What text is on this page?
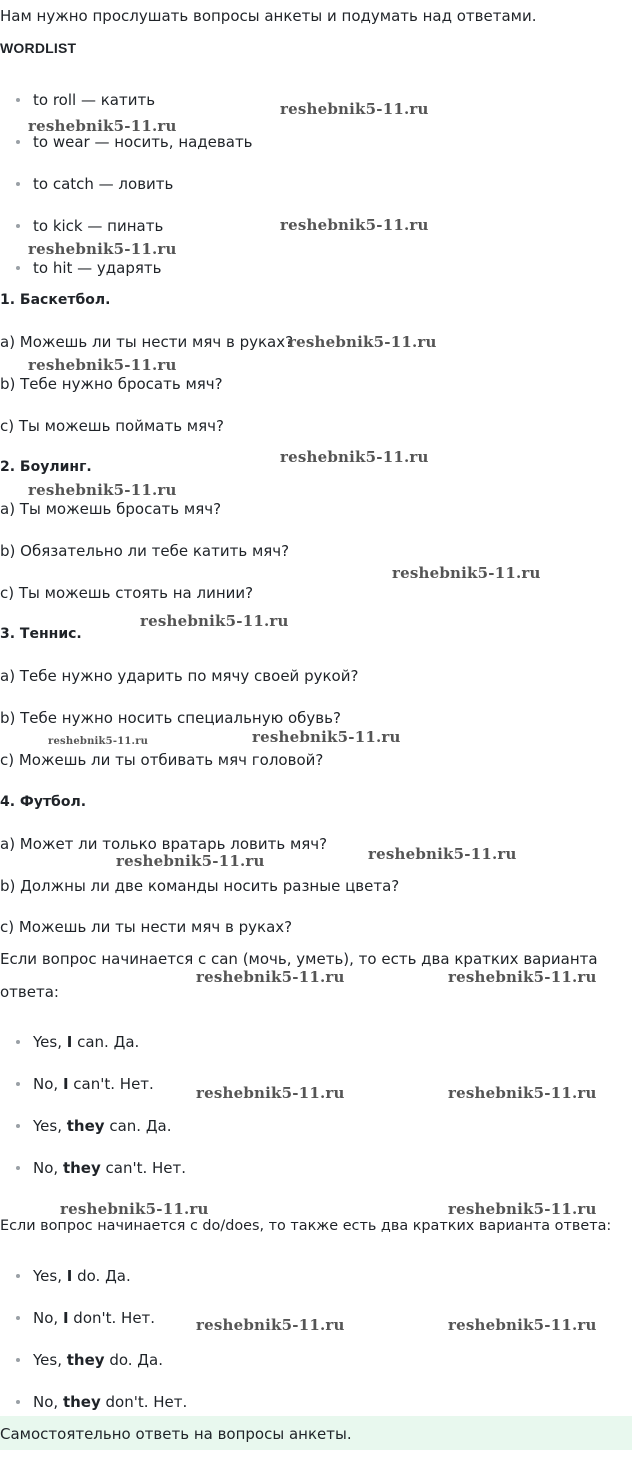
Нам нужно прослушать вопросы анкеты и подумать над ответами.
WORDLIST
to roll — катить
to wear — носить, надевать
to catch — ловить
to kick — пинать
to hit — ударять
1. Баскетбол.
a) Можешь ли ты нести мяч в руках?
b) Тебе нужно бросать мяч?
c) Ты можешь поймать мяч?
2. Боулинг.
a) Ты можешь бросать мяч?
b) Обязательно ли тебе катить мяч?
c) Ты можешь стоять на линии?
3. Теннис.
a) Тебе нужно ударить по мячу своей рукой?
b) Тебе нужно носить специальную обувь?
c) Можешь ли ты отбивать мяч головой?
4. Футбол.
a) Может ли только вратарь ловить мяч?
b) Должны ли две команды носить разные цвета?
c) Можешь ли ты нести мяч в руках?
Если вопрос начинается с can (мочь, уметь), то есть два кратких варианта
ответа:
Yes, I can. Да.
No, I can't. Нет.
Yes, they can. Да.
No, they can't. Нет.
Если вопрос начинается с do/does, то также есть два кратких варианта ответа:
Yes, I do. Да.
No, I don't. Нет.
Yes, they do. Да.
No, they don't. Нет.
Самостоятельно ответь на вопросы анкеты.
reshebnik5-11.ru
reshebnik5-11.ru
reshebnik5-11.ru
reshebnik5-11.ru
reshebnik5-11.ru
reshebnik5-11.ru
reshebnik5-11.ru
reshebnik5-11.ru
reshebnik5-11.ru
reshebnik5-11.ru
reshebnik5-11.ru
reshebnik5-11.ru
reshebnik5-11.ru
reshebnik5-11.ru
reshebnik5-11.ru	reshebnik5-11.ru
reshebnik5-11.ru	reshebnik5-11.ru
reshebnik5-11.ru	reshebnik5-11.ru
reshebnik5-11.ru	reshebnik5-11.ru
